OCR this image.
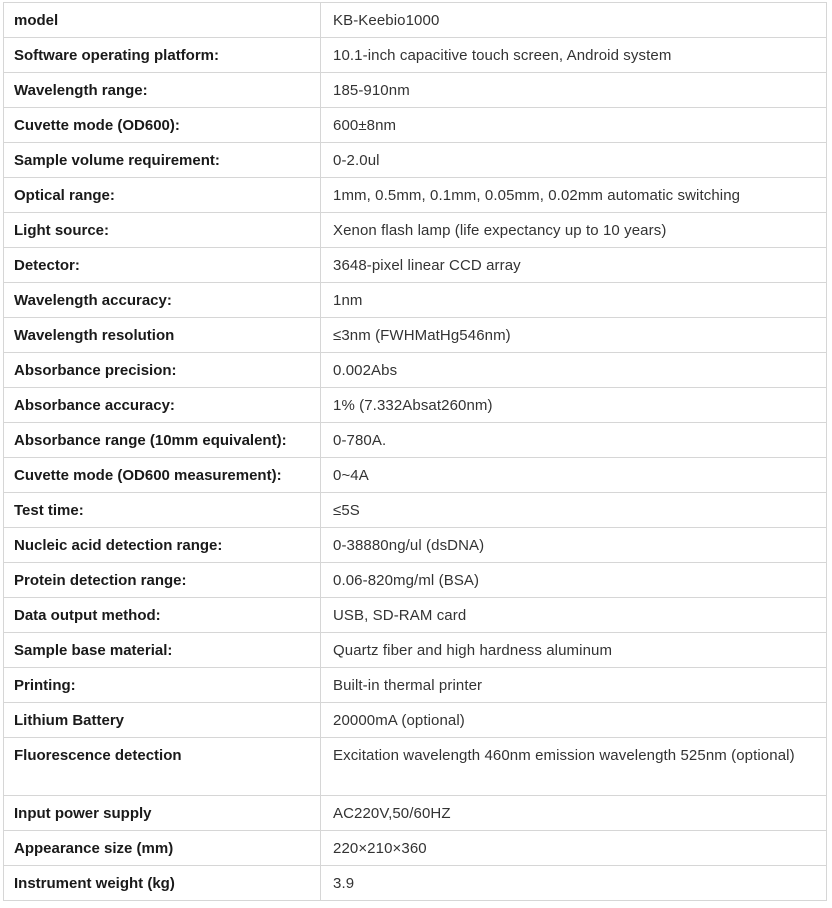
model	KB-Keebio1000
Software operating platform:	10.1-inch capacitive touch screen, Android system
Wavelength range:	185-910nm
Cuvette mode (OD600):	600±8nm
Sample volume requirement:	0-2.0ul
Optical range:	1mm, 0.5mm, 0.1mm, 0.05mm, 0.02mm automatic switching
Light source:	Xenon flash lamp (life expectancy up to 10 years)
Detector:	3648-pixel linear CCD array
Wavelength accuracy:	1nm
Wavelength resolution	≤3nm (FWHMatHg546nm)
Absorbance precision:	0.002Abs
Absorbance accuracy:	1% (7.332Absat260nm)
Absorbance range (10mm equivalent):	0-780A.
Cuvette mode (OD600 measurement):	0~4A
Test time:	≤5S
Nucleic acid detection range:	0-38880ng/ul (dsDNA)
Protein detection range:	0.06-820mg/ml (BSA)
Data output method:	USB, SD-RAM card
Sample base material:	Quartz fiber and high hardness aluminum
Printing:	Built-in thermal printer
Lithium Battery	20000mA (optional)
Fluorescence detection	Excitation wavelength 460nm emission wavelength 525nm (optional)
Input power supply	AC220V,50/60HZ
Appearance size (mm)	220×210×360
Instrument weight (kg)	3.9
